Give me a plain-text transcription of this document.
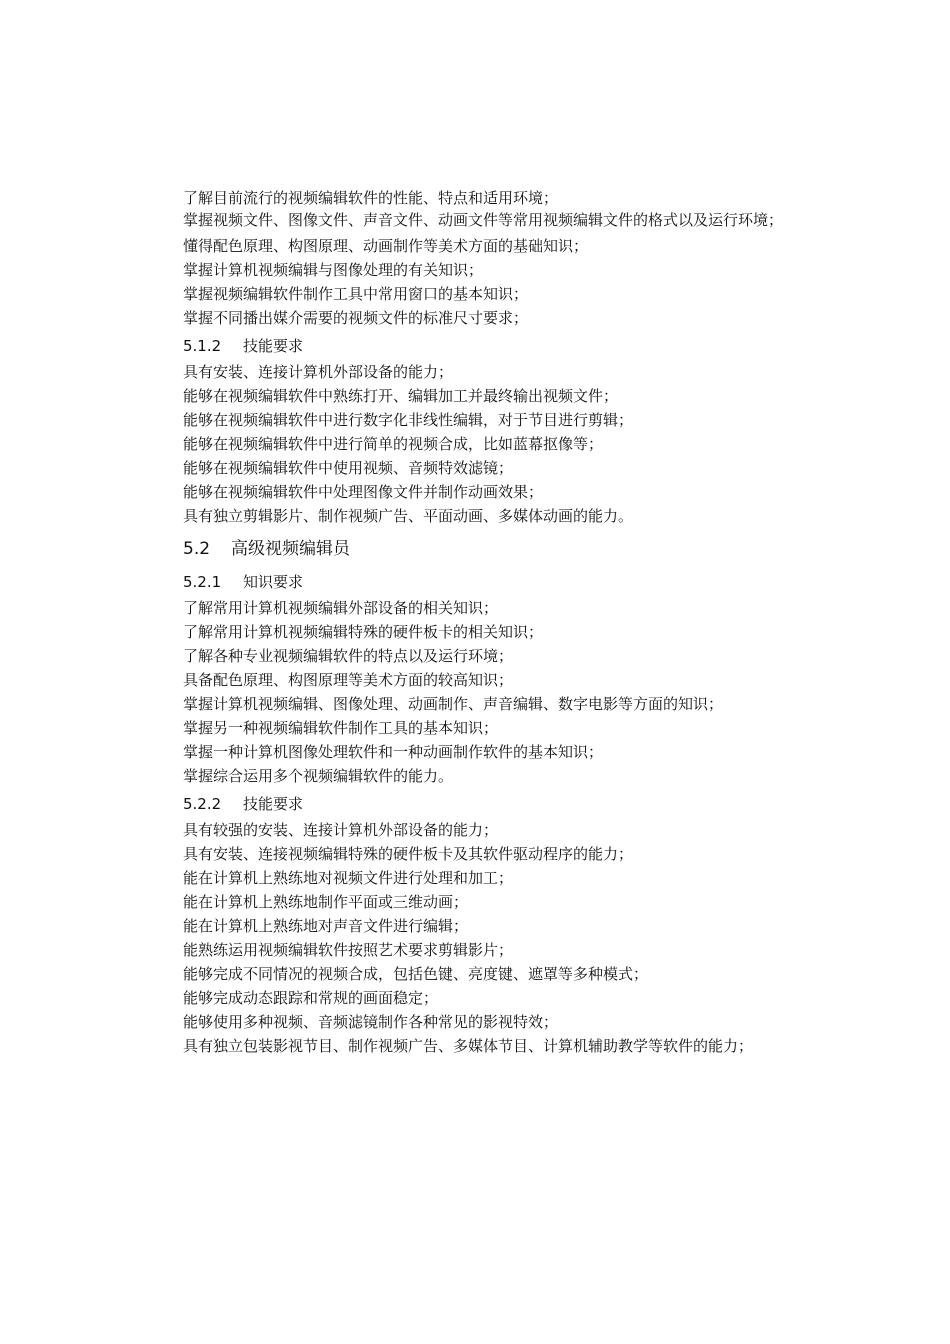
了解目前流行的视频编辑软件的性能、特点和适用环境；

掌握视频文件、图像文件、声音文件、动画文件等常用视频编辑文件的格式以及运行环境；

懂得配色原理、构图原理、动画制作等美术方面的基础知识；

掌握计算机视频编辑与图像处理的有关知识；

掌握视频编辑软件制作工具中常用窗口的基本知识；

掌握不同播出媒介需要的视频文件的标准尺寸要求；

5.1.2 技能要求

具有安装、连接计算机外部设备的能力；

能够在视频编辑软件中熟练打开、编辑加工并最终输出视频文件；

能够在视频编辑软件中进行数字化非线性编辑，对于节目进行剪辑；

能够在视频编辑软件中进行简单的视频合成，比如蓝幕抠像等；

能够在视频编辑软件中使用视频、音频特效滤镜；

能够在视频编辑软件中处理图像文件并制作动画效果；

具有独立剪辑影片、制作视频广告、平面动画、多媒体动画的能力。

5.2 高级视频编辑员
5.2.1 知识要求

了解常用计算机视频编辑外部设备的相关知识；

了解常用计算机视频编辑特殊的硬件板卡的相关知识；

了解各种专业视频编辑软件的特点以及运行环境；

具备配色原理、构图原理等美术方面的较高知识；

掌握计算机视频编辑、图像处理、动画制作、声音编辑、数字电影等方面的知识；

掌握另一种视频编辑软件制作工具的基本知识；

掌握一种计算机图像处理软件和一种动画制作软件的基本知识；

掌握综合运用多个视频编辑软件的能力。

5.2.2 技能要求

具有较强的安装、连接计算机外部设备的能力；

具有安装、连接视频编辑特殊的硬件板卡及其软件驱动程序的能力；

能在计算机上熟练地对视频文件进行处理和加工；

能在计算机上熟练地制作平面或三维动画；

能在计算机上熟练地对声音文件进行编辑；

能熟练运用视频编辑软件按照艺术要求剪辑影片；

能够完成不同情况的视频合成，包括色键、亮度键、遮罩等多种模式；

能够完成动态跟踪和常规的画面稳定；

能够使用多种视频、音频滤镜制作各种常见的影视特效；

具有独立包装影视节目、制作视频广告、多媒体节目、计算机辅助教学等软件的能力；
